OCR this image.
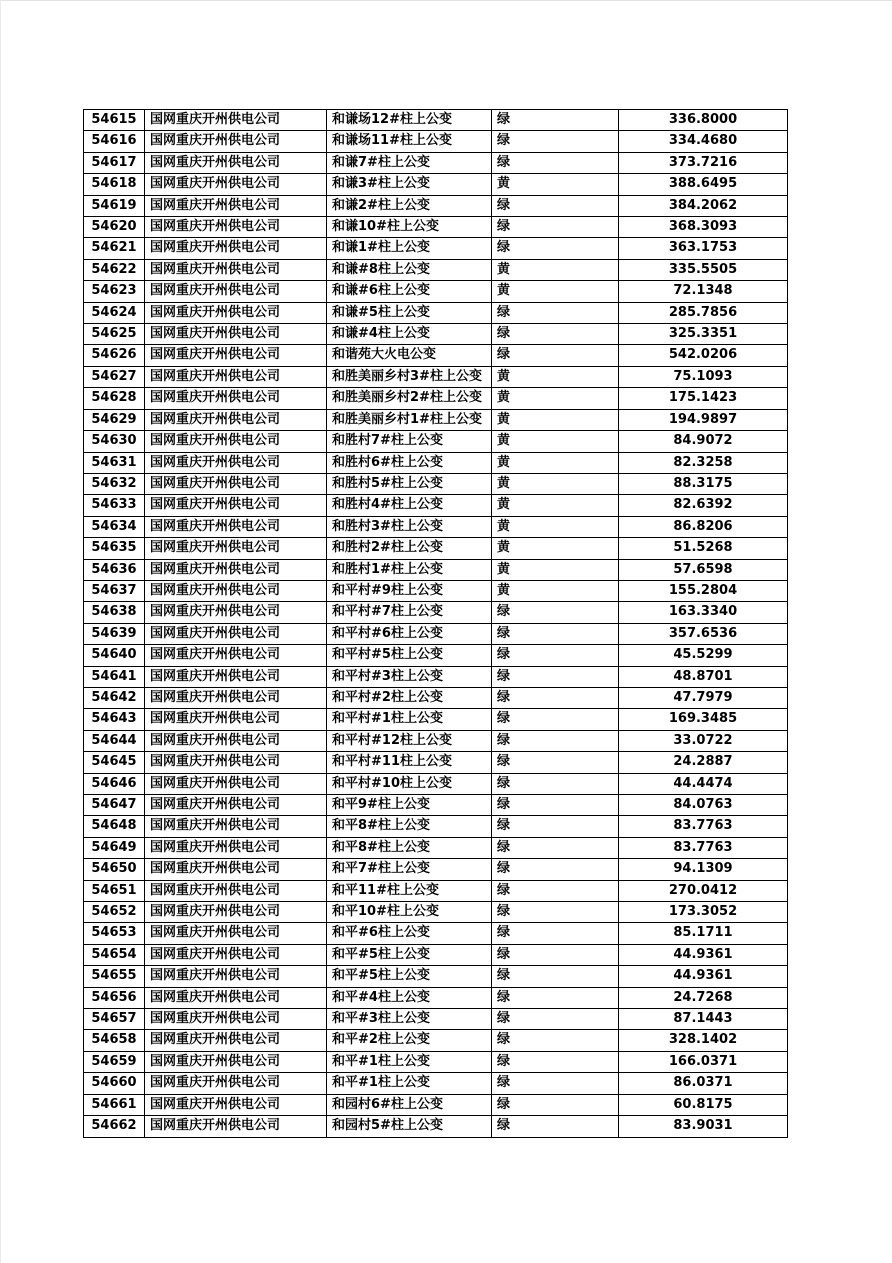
54615	国网重庆开州供电公司	和谦场12#柱上公变	绿	336.8000
54616	国网重庆开州供电公司	和谦场11#柱上公变	绿	334.4680
54617	国网重庆开州供电公司	和谦7#柱上公变	绿	373.7216
54618	国网重庆开州供电公司	和谦3#柱上公变	黄	388.6495
54619	国网重庆开州供电公司	和谦2#柱上公变	绿	384.2062
54620	国网重庆开州供电公司	和谦10#柱上公变	绿	368.3093
54621	国网重庆开州供电公司	和谦1#柱上公变	绿	363.1753
54622	国网重庆开州供电公司	和谦#8柱上公变	黄	335.5505
54623	国网重庆开州供电公司	和谦#6柱上公变	黄	72.1348
54624	国网重庆开州供电公司	和谦#5柱上公变	绿	285.7856
54625	国网重庆开州供电公司	和谦#4柱上公变	绿	325.3351
54626	国网重庆开州供电公司	和谐苑大火电公变	绿	542.0206
54627	国网重庆开州供电公司	和胜美丽乡村3#柱上公变	黄	75.1093
54628	国网重庆开州供电公司	和胜美丽乡村2#柱上公变	黄	175.1423
54629	国网重庆开州供电公司	和胜美丽乡村1#柱上公变	黄	194.9897
54630	国网重庆开州供电公司	和胜村7#柱上公变	黄	84.9072
54631	国网重庆开州供电公司	和胜村6#柱上公变	黄	82.3258
54632	国网重庆开州供电公司	和胜村5#柱上公变	黄	88.3175
54633	国网重庆开州供电公司	和胜村4#柱上公变	黄	82.6392
54634	国网重庆开州供电公司	和胜村3#柱上公变	黄	86.8206
54635	国网重庆开州供电公司	和胜村2#柱上公变	黄	51.5268
54636	国网重庆开州供电公司	和胜村1#柱上公变	黄	57.6598
54637	国网重庆开州供电公司	和平村#9柱上公变	黄	155.2804
54638	国网重庆开州供电公司	和平村#7柱上公变	绿	163.3340
54639	国网重庆开州供电公司	和平村#6柱上公变	绿	357.6536
54640	国网重庆开州供电公司	和平村#5柱上公变	绿	45.5299
54641	国网重庆开州供电公司	和平村#3柱上公变	绿	48.8701
54642	国网重庆开州供电公司	和平村#2柱上公变	绿	47.7979
54643	国网重庆开州供电公司	和平村#1柱上公变	绿	169.3485
54644	国网重庆开州供电公司	和平村#12柱上公变	绿	33.0722
54645	国网重庆开州供电公司	和平村#11柱上公变	绿	24.2887
54646	国网重庆开州供电公司	和平村#10柱上公变	绿	44.4474
54647	国网重庆开州供电公司	和平9#柱上公变	绿	84.0763
54648	国网重庆开州供电公司	和平8#柱上公变	绿	83.7763
54649	国网重庆开州供电公司	和平8#柱上公变	绿	83.7763
54650	国网重庆开州供电公司	和平7#柱上公变	绿	94.1309
54651	国网重庆开州供电公司	和平11#柱上公变	绿	270.0412
54652	国网重庆开州供电公司	和平10#柱上公变	绿	173.3052
54653	国网重庆开州供电公司	和平#6柱上公变	绿	85.1711
54654	国网重庆开州供电公司	和平#5柱上公变	绿	44.9361
54655	国网重庆开州供电公司	和平#5柱上公变	绿	44.9361
54656	国网重庆开州供电公司	和平#4柱上公变	绿	24.7268
54657	国网重庆开州供电公司	和平#3柱上公变	绿	87.1443
54658	国网重庆开州供电公司	和平#2柱上公变	绿	328.1402
54659	国网重庆开州供电公司	和平#1柱上公变	绿	166.0371
54660	国网重庆开州供电公司	和平#1柱上公变	绿	86.0371
54661	国网重庆开州供电公司	和园村6#柱上公变	绿	60.8175
54662	国网重庆开州供电公司	和园村5#柱上公变	绿	83.9031
